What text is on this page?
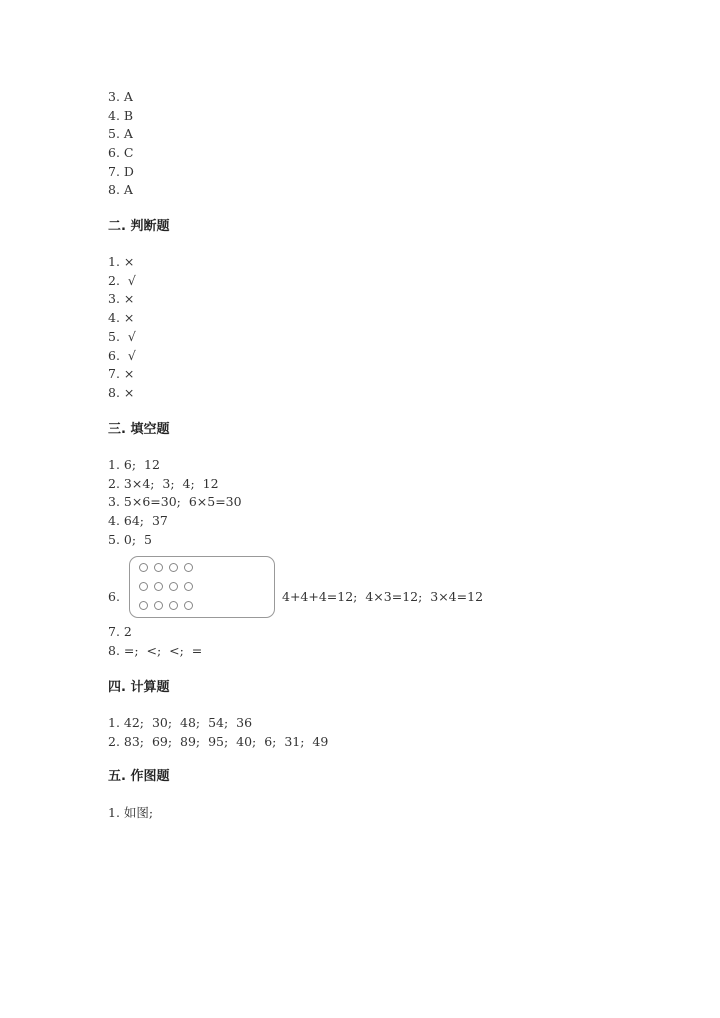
3. A
4. B
5. A
6. C
7. D
8. A
二. 判断题
1. ×
2.  √
3. ×
4. ×
5.  √
6.  √
7. ×
8. ×
三. 填空题
1. 6;  12
2. 3×4;  3;  4;  12
3. 5×6=30;  6×5=30
4. 64;  37
5. 0;  5
6.	4+4+4=12;  4×3=12;  3×4=12
7. 2
8. =;  <;  <;  =
四. 计算题
1. 42;  30;  48;  54;  36
2. 83;  69;  89;  95;  40;  6;  31;  49
五. 作图题
1. 如图;
